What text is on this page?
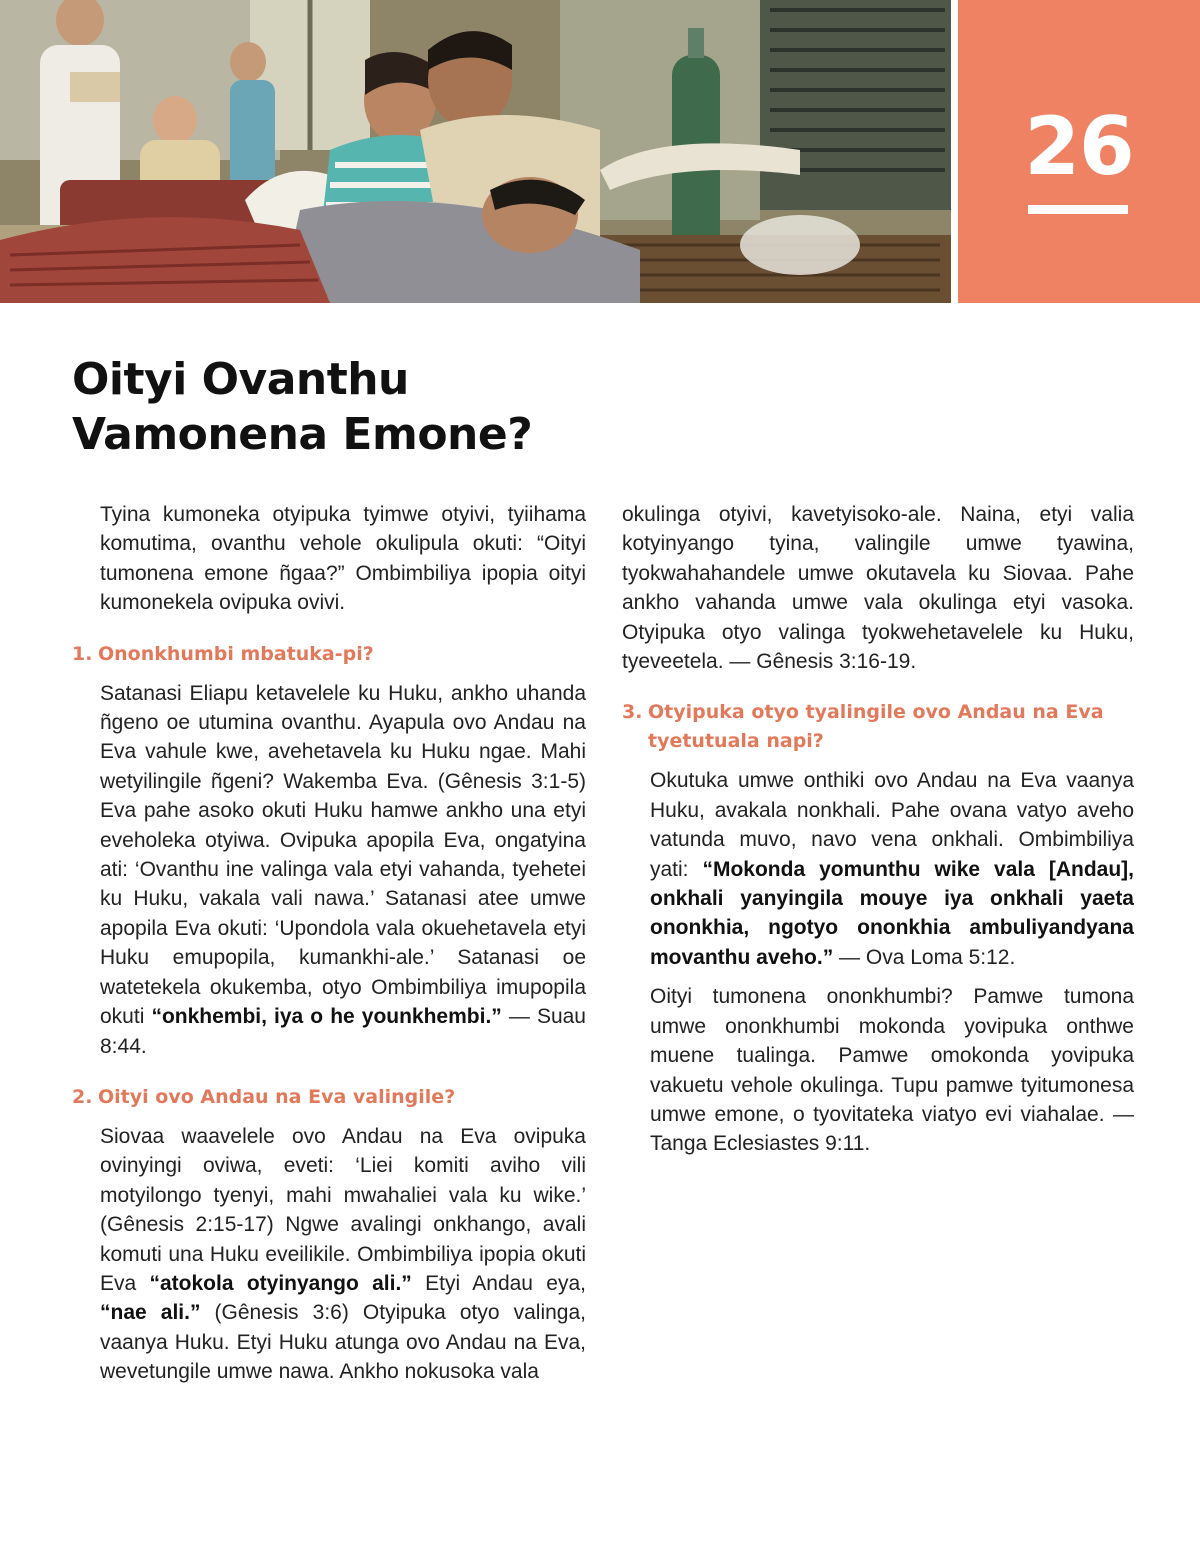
26
Oityi Ovanthu
Vamonena Emone?

Tyina kumoneka otyipuka tyimwe otyivi, tyiihama komutima, ovanthu vehole okulipula okuti: “Oityi tumonena emone ñgaa?” Ombimbiliya ipopia oityi kumonekela ovipuka ovivi.

1. Ononkhumbi mbatuka-pi?

Satanasi Eliapu ketavelele ku Huku, ankho uhanda ñgeno oe utumina ovanthu. Ayapula ovo Andau na Eva vahule kwe, avehetavela ku Huku ngae. Mahi wetyilingile ñgeni? Wakemba Eva. (Gênesis 3:1-5) Eva pahe asoko okuti Huku hamwe ankho una etyi eveholeka otyiwa. Ovipuka apopila Eva, ongatyina ati: ‘Ovanthu ine valinga vala etyi vahanda, tyehetei ku Huku, vakala vali nawa.’ Satanasi atee umwe apopila Eva okuti: ‘Upondola vala okuehetavela etyi Huku emupopila, kumankhi-ale.’ Satanasi oe watetekela okukemba, otyo Ombimbiliya imupopila okuti “onkhembi, iya o he younkhembi.” — Suau 8:44.

2. Oityi ovo Andau na Eva valingile?

Siovaa waavelele ovo Andau na Eva ovipuka ovinyingi oviwa, eveti: ‘Liei komiti aviho vili motyilongo tyenyi, mahi mwahaliei vala ku wike.’ (Gênesis 2:15-17) Ngwe avalingi onkhango, avali komuti una Huku eveilikile. Ombimbiliya ipopia okuti Eva “atokola otyinyango ali.” Etyi Andau eya, “nae ali.” (Gênesis 3:6) Otyipuka otyo valinga, vaanya Huku. Etyi Huku atunga ovo Andau na Eva, wevetungile umwe nawa. Ankho nokusoka vala

okulinga otyivi, kavetyisoko-ale. Naina, etyi valia kotyinyango tyina, valingile umwe tyawina, tyokwahahandele umwe okutavela ku Siovaa. Pahe ankho vahanda umwe vala okulinga etyi vasoka. Otyipuka otyo valinga tyokwehetavelele ku Huku, tyeveetela. — Gênesis 3:16-19.

3. Otyipuka otyo tyalingile ovo Andau na Eva tyetutuala napi?

Okutuka umwe onthiki ovo Andau na Eva vaanya Huku, avakala nonkhali. Pahe ovana vatyo aveho vatunda muvo, navo vena onkhali. Ombimbiliya yati: “Mokonda yomunthu wike vala [Andau], onkhali yanyingila mouye iya onkhali yaeta ononkhia, ngotyo ononkhia ambuliyandyana movanthu aveho.” — Ova Loma 5:12.

Oityi tumonena ononkhumbi? Pamwe tumona umwe ononkhumbi mokonda yovipuka onthwe muene tualinga. Pamwe omokonda yovipuka vakuetu vehole okulinga. Tupu pamwe tyitumonesa umwe emone, o tyovitateka viatyo evi viahalae. — Tanga Eclesiastes 9:11.
